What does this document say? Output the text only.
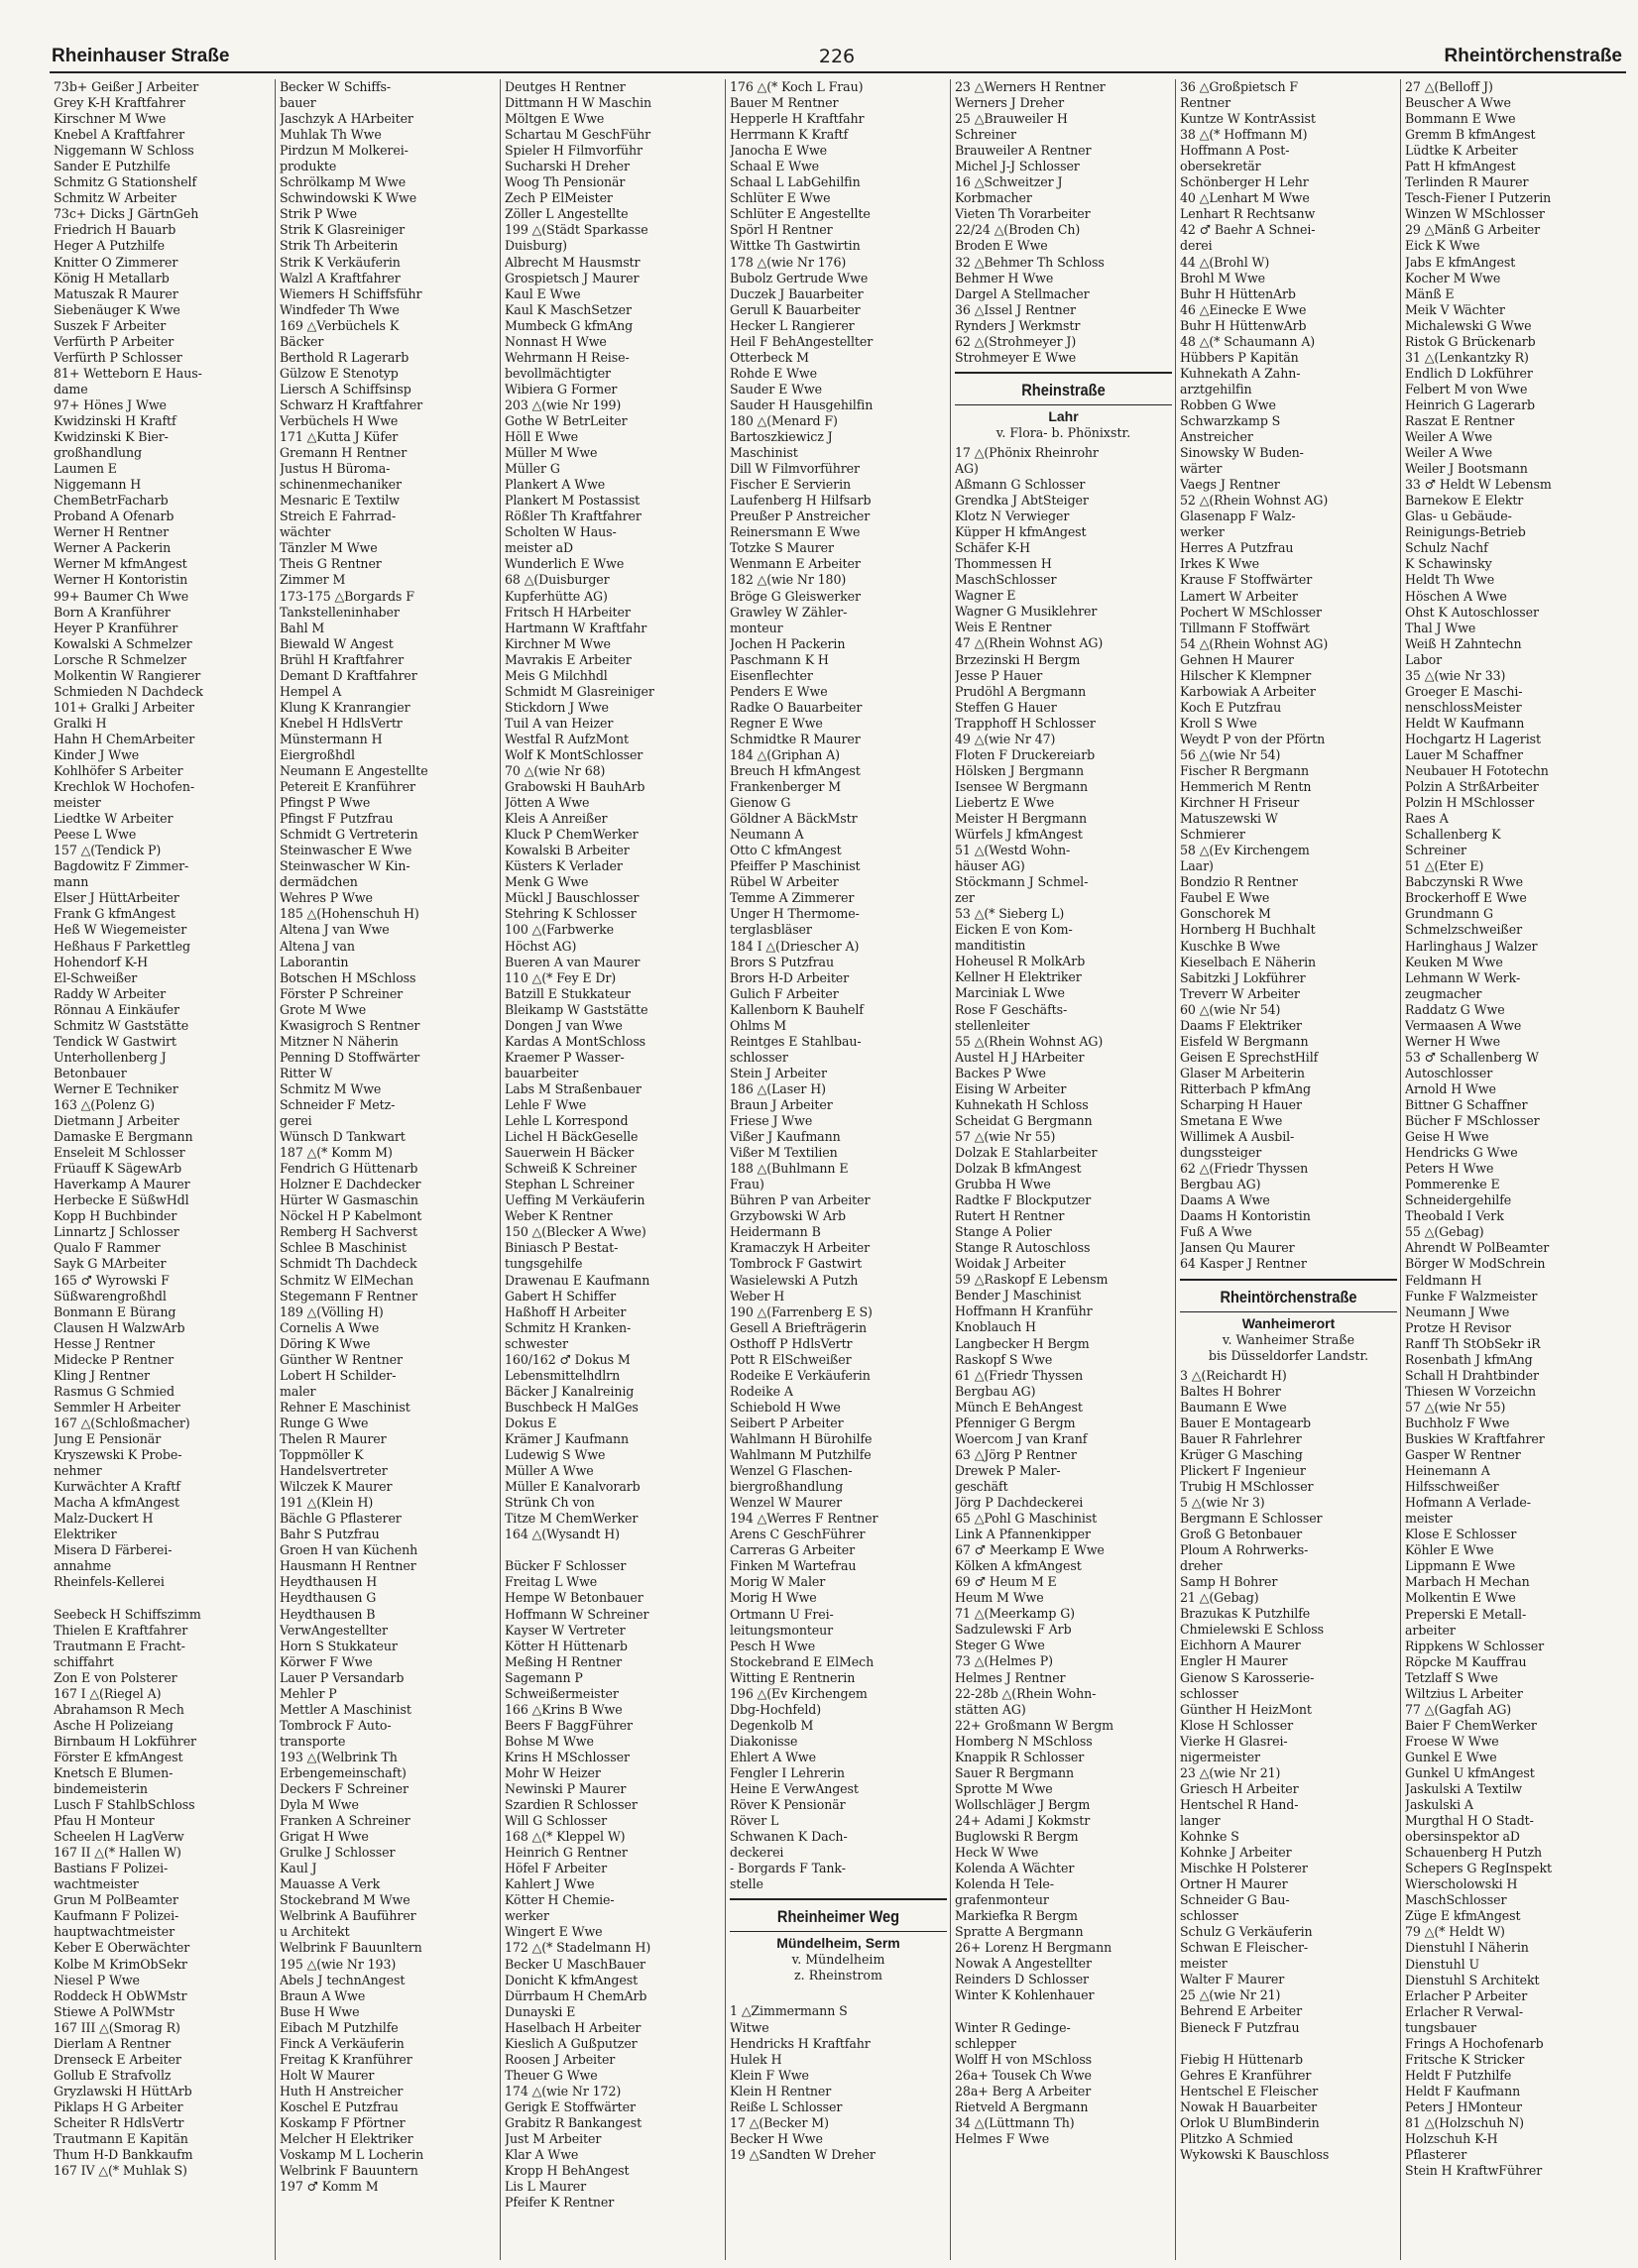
Rheinhauser Straße	226	Rheintörchenstraße
73b+ Geißer J Arbeiter
Grey K-H Kraftfahrer
Kirschner M Wwe
Knebel A Kraftfahrer
Niggemann W Schloss
Sander E Putzhilfe
Schmitz G Stationshelf
Schmitz W Arbeiter
73c+ Dicks J GärtnGeh
Friedrich H Bauarb
Heger A Putzhilfe
Knitter O Zimmerer
König H Metallarb
Matuszak R Maurer
Siebenäuger K Wwe
Suszek F Arbeiter
Verfürth P Arbeiter
Verfürth P Schlosser
81+ Wetteborn E Haus-
dame
97+ Hönes J Wwe
Kwidzinski H Kraftf
Kwidzinski K Bier-
großhandlung
Laumen E
Niggemann H
ChemBetrFacharb
Proband A Ofenarb
Werner H Rentner
Werner A Packerin
Werner M kfmAngest
Werner H Kontoristin
99+ Baumer Ch Wwe
Born A Kranführer
Heyer P Kranführer
Kowalski A Schmelzer
Lorsche R Schmelzer
Molkentin W Rangierer
Schmieden N Dachdeck
101+ Gralki J Arbeiter
Gralki H
Hahn H ChemArbeiter
Kinder J Wwe
Kohlhöfer S Arbeiter
Krechlok W Hochofen-
meister
Liedtke W Arbeiter
Peese L Wwe
157 △(Tendick P)
Bagdowitz F Zimmer-
mann
Elser J HüttArbeiter
Frank G kfmAngest
Heß W Wiegemeister
Heßhaus F Parkettleg
Hohendorf K-H
El-Schweißer
Raddy W Arbeiter
Rönnau A Einkäufer
Schmitz W Gaststätte
Tendick W Gastwirt
Unterhollenberg J
Betonbauer
Werner E Techniker
163 △(Polenz G)
Dietmann J Arbeiter
Damaske E Bergmann
Enseleit M Schlosser
Früauff K SägewArb
Haverkamp A Maurer
Herbecke E SüßwHdl
Kopp H Buchbinder
Linnartz J Schlosser
Qualo F Rammer
Sayk G MArbeiter
165 ♂ Wyrowski F
Süßwarengroßhdl
Bonmann E Bürang
Clausen H WalzwArb
Hesse J Rentner
Midecke P Rentner
Kling J Rentner
Rasmus G Schmied
Semmler H Arbeiter
167 △(Schloßmacher)
Jung E Pensionär
Kryszewski K Probe-
nehmer
Kurwächter A Kraftf
Macha A kfmAngest
Malz-Duckert H
Elektriker
Misera D Färberei-
annahme
Rheinfels-Kellerei

Seebeck H Schiffszimm
Thielen E Kraftfahrer
Trautmann E Fracht-
schiffahrt
Zon E von Polsterer
167 I △(Riegel A)
Abrahamson R Mech
Asche H Polizeiang
Birnbaum H Lokführer
Förster E kfmAngest
Knetsch E Blumen-
bindemeisterin
Lusch F StahlbSchloss
Pfau H Monteur
Scheelen H LagVerw
167 II △(* Hallen W)
Bastians F Polizei-
wachtmeister
Grun M PolBeamter
Kaufmann F Polizei-
hauptwachtmeister
Keber E Oberwächter
Kolbe M KrimObSekr
Niesel P Wwe
Roddeck H ObWMstr
Stiewe A PolWMstr
167 III △(Smorag R)
Dierlam A Rentner
Drenseck E Arbeiter
Gollub E Strafvollz
Gryzlawski H HüttArb
Piklaps H G Arbeiter
Scheiter R HdlsVertr
Trautmann E Kapitän
Thum H-D Bankkaufm
167 IV △(* Muhlak S)
Becker W Schiffs-
bauer
Jaschzyk A HArbeiter
Muhlak Th Wwe
Pirdzun M Molkerei-
produkte
Schrölkamp M Wwe
Schwindowski K Wwe
Strik P Wwe
Strik K Glasreiniger
Strik Th Arbeiterin
Strik K Verkäuferin
Walzl A Kraftfahrer
Wiemers H Schiffsführ
Windfeder Th Wwe
169 △Verbüchels K
Bäcker
Berthold R Lagerarb
Gülzow E Stenotyp
Liersch A Schiffsinsp
Schwarz H Kraftfahrer
Verbüchels H Wwe
171 △Kutta J Küfer
Gremann H Rentner
Justus H Büroma-
schinenmechaniker
Mesnaric E Textilw
Streich E Fahrrad-
wächter
Tänzler M Wwe
Theis G Rentner
Zimmer M
173-175 △Borgards F
Tankstelleninhaber
Bahl M
Biewald W Angest
Brühl H Kraftfahrer
Demant D Kraftfahrer
Hempel A
Klung K Kranrangier
Knebel H HdlsVertr
Münstermann H
Eiergroßhdl
Neumann E Angestellte
Petereit E Kranführer
Pfingst P Wwe
Pfingst F Putzfrau
Schmidt G Vertreterin
Steinwascher E Wwe
Steinwascher W Kin-
dermädchen
Wehres P Wwe
185 △(Hohenschuh H)
Altena J van Wwe
Altena J van
Laborantin
Botschen H MSchloss
Förster P Schreiner
Grote M Wwe
Kwasigroch S Rentner
Mitzner N Näherin
Penning D Stoffwärter
Ritter W
Schmitz M Wwe
Schneider F Metz-
gerei
Wünsch D Tankwart
187 △(* Komm M)
Fendrich G Hüttenarb
Holzner E Dachdecker
Hürter W Gasmaschin
Nöckel H P Kabelmont
Remberg H Sachverst
Schlee B Maschinist
Schmidt Th Dachdeck
Schmitz W ElMechan
Stegemann F Rentner
189 △(Völling H)
Cornelis A Wwe
Döring K Wwe
Günther W Rentner
Lobert H Schilder-
maler
Rehner E Maschinist
Runge G Wwe
Thelen R Maurer
Toppmöller K
Handelsvertreter
Wilczek K Maurer
191 △(Klein H)
Bächle G Pflasterer
Bahr S Putzfrau
Groen H van Küchenh
Hausmann H Rentner
Heydthausen H
Heydthausen G
Heydthausen B
VerwAngestellter
Horn S Stukkateur
Körwer F Wwe
Lauer P Versandarb
Mehler P
Mettler A Maschinist
Tombrock F Auto-
transporte
193 △(Welbrink Th
Erbengemeinschaft)
Deckers F Schreiner
Dyla M Wwe
Franken A Schreiner
Grigat H Wwe
Grulke J Schlosser
Kaul J
Mauasse A Verk
Stockebrand M Wwe
Welbrink A Bauführer
u Architekt
Welbrink F Bauunltern
195 △(wie Nr 193)
Abels J technAngest
Braun A Wwe
Buse H Wwe
Eibach M Putzhilfe
Finck A Verkäuferin
Freitag K Kranführer
Holt W Maurer
Huth H Anstreicher
Koschel E Putzfrau
Koskamp F Pförtner
Melcher H Elektriker
Voskamp M L Locherin
Welbrink F Bauuntern
197 ♂ Komm M
Deutges H Rentner
Dittmann H W Maschin
Möltgen E Wwe
Schartau M GeschFühr
Spieler H Filmvorführ
Sucharski H Dreher
Woog Th Pensionär
Zech P ElMeister
Zöller L Angestellte
199 △(Städt Sparkasse
Duisburg)
Albrecht M Hausmstr
Grospietsch J Maurer
Kaul E Wwe
Kaul K MaschSetzer
Mumbeck G kfmAng
Nonnast H Wwe
Wehrmann H Reise-
bevollmächtigter
Wibiera G Former
203 △(wie Nr 199)
Gothe W BetrLeiter
Höll E Wwe
Müller M Wwe
Müller G
Plankert A Wwe
Plankert M Postassist
Rößler Th Kraftfahrer
Scholten W Haus-
meister aD
Wunderlich E Wwe
68 △(Duisburger
Kupferhütte AG)
Fritsch H HArbeiter
Hartmann W Kraftfahr
Kirchner M Wwe
Mavrakis E Arbeiter
Meis G Milchhdl
Schmidt M Glasreiniger
Stickdorn J Wwe
Tuil A van Heizer
Westfal R AufzMont
Wolf K MontSchlosser
70 △(wie Nr 68)
Grabowski H BauhArb
Jötten A Wwe
Kleis A Anreißer
Kluck P ChemWerker
Kowalski B Arbeiter
Küsters K Verlader
Menk G Wwe
Mückl J Bauschlosser
Stehring K Schlosser
100 △(Farbwerke
Höchst AG)
Bueren A van Maurer
110 △(* Fey E Dr)
Batzill E Stukkateur
Bleikamp W Gaststätte
Dongen J van Wwe
Kardas A MontSchloss
Kraemer P Wasser-
bauarbeiter
Labs M Straßenbauer
Lehle F Wwe
Lehle L Korrespond
Lichel H BäckGeselle
Sauerwein H Bäcker
Schweiß K Schreiner
Stephan L Schreiner
Ueffing M Verkäuferin
Weber K Rentner
150 △(Blecker A Wwe)
Biniasch P Bestat-
tungsgehilfe
Drawenau E Kaufmann
Gabert H Schiffer
Haßhoff H Arbeiter
Schmitz H Kranken-
schwester
160/162 ♂ Dokus M
Lebensmittelhdlrn
Bäcker J Kanalreinig
Buschbeck H MalGes
Dokus E
Krämer J Kaufmann
Ludewig S Wwe
Müller A Wwe
Müller E Kanalvorarb
Strünk Ch von
Titze M ChemWerker
164 △(Wysandt H)

Bücker F Schlosser
Freitag L Wwe
Hempe W Betonbauer
Hoffmann W Schreiner
Kayser W Vertreter
Kötter H Hüttenarb
Meßing H Rentner
Sagemann P
Schweißermeister
166 △Krins B Wwe
Beers F BaggFührer
Bohse M Wwe
Krins H MSchlosser
Mohr W Heizer
Newinski P Maurer
Szardien R Schlosser
Will G Schlosser
168 △(* Kleppel W)
Heinrich G Rentner
Höfel F Arbeiter
Kahlert J Wwe
Kötter H Chemie-
werker
Wingert E Wwe
172 △(* Stadelmann H)
Becker U MaschBauer
Donicht K kfmAngest
Dürrbaum H ChemArb
Dunayski E
Haselbach H Arbeiter
Kieslich A Gußputzer
Roosen J Arbeiter
Theuer G Wwe
174 △(wie Nr 172)
Gerigk E Stoffwärter
Grabitz R Bankangest
Just M Arbeiter
Klar A Wwe
Kropp H BehAngest
Lis L Maurer
Pfeifer K Rentner
176 △(* Koch L Frau)
Bauer M Rentner
Hepperle H Kraftfahr
Herrmann K Kraftf
Janocha E Wwe
Schaal E Wwe
Schaal L LabGehilfin
Schlüter E Wwe
Schlüter E Angestellte
Spörl H Rentner
Wittke Th Gastwirtin
178 △(wie Nr 176)
Bubolz Gertrude Wwe
Duczek J Bauarbeiter
Gerull K Bauarbeiter
Hecker L Rangierer
Heil F BehAngestellter
Otterbeck M
Rohde E Wwe
Sauder E Wwe
Sauder H Hausgehilfin
180 △(Menard F)
Bartoszkiewicz J
Maschinist
Dill W Filmvorführer
Fischer E Servierin
Laufenberg H Hilfsarb
Preußer P Anstreicher
Reinersmann E Wwe
Totzke S Maurer
Wenmann E Arbeiter
182 △(wie Nr 180)
Bröge G Gleiswerker
Grawley W Zähler-
monteur
Jochen H Packerin
Paschmann K H
Eisenflechter
Penders E Wwe
Radke O Bauarbeiter
Regner E Wwe
Schmidtke R Maurer
184 △(Griphan A)
Breuch H kfmAngest
Frankenberger M
Gienow G
Göldner A BäckMstr
Neumann A
Otto C kfmAngest
Pfeiffer P Maschinist
Rübel W Arbeiter
Temme A Zimmerer
Unger H Thermome-
terglasbläser
184 I △(Driescher A)
Brors S Putzfrau
Brors H-D Arbeiter
Gulich F Arbeiter
Kallenborn K Bauhelf
Ohlms M
Reintges E Stahlbau-
schlosser
Stein J Arbeiter
186 △(Laser H)
Braun J Arbeiter
Friese J Wwe
Vißer J Kaufmann
Vißer M Textilien
188 △(Buhlmann E
Frau)
Bühren P van Arbeiter
Grzybowski W Arb
Heidermann B
Kramaczyk H Arbeiter
Tombrock F Gastwirt
Wasielewski A Putzh
Weber H
190 △(Farrenberg E S)
Gesell A Briefträgerin
Osthoff P HdlsVertr
Pott R ElSchweißer
Rodeike E Verkäuferin
Rodeike A
Schiebold H Wwe
Seibert P Arbeiter
Wahlmann H Bürohilfe
Wahlmann M Putzhilfe
Wenzel G Flaschen-
biergroßhandlung
Wenzel W Maurer
194 △Werres F Rentner
Arens C GeschFührer
Carreras G Arbeiter
Finken M Wartefrau
Morig W Maler
Morig H Wwe
Ortmann U Frei-
leitungsmonteur
Pesch H Wwe
Stockebrand E ElMech
Witting E Rentnerin
196 △(Ev Kirchengem
Dbg-Hochfeld)
Degenkolb M
Diakonisse
Ehlert A Wwe
Fengler I Lehrerin
Heine E VerwAngest
Röver K Pensionär
Röver L
Schwanen K Dach-
deckerei
- Borgards F Tank-
stelle
Rheinheimer Weg
Mündelheim, Serm
v. Mündelheim
z. Rheinstrom

1 △Zimmermann S
Witwe
Hendricks H Kraftfahr
Hulek H
Klein F Wwe
Klein H Rentner
Reiße L Schlosser
17 △(Becker M)
Becker H Wwe
19 △Sandten W Dreher
23 △Werners H Rentner
Werners J Dreher
25 △Brauweiler H
Schreiner
Brauweiler A Rentner
Michel J-J Schlosser
16 △Schweitzer J
Korbmacher
Vieten Th Vorarbeiter
22/24 △(Broden Ch)
Broden E Wwe
32 △Behmer Th Schloss
Behmer H Wwe
Dargel A Stellmacher
36 △Issel J Rentner
Rynders J Werkmstr
62 △(Strohmeyer J)
Strohmeyer E Wwe
Rheinstraße
Lahr
v. Flora- b. Phönixstr.
17 △(Phönix Rheinrohr
AG)
Aßmann G Schlosser
Grendka J AbtSteiger
Klotz N Verwieger
Küpper H kfmAngest
Schäfer K-H
Thommessen H
MaschSchlosser
Wagner E
Wagner G Musiklehrer
Weis E Rentner
47 △(Rhein Wohnst AG)
Brzezinski H Bergm
Jesse P Hauer
Prudöhl A Bergmann
Steffen G Hauer
Trapphoff H Schlosser
49 △(wie Nr 47)
Floten F Druckereiarb
Hölsken J Bergmann
Isensee W Bergmann
Liebertz E Wwe
Meister H Bergmann
Würfels J kfmAngest
51 △(Westd Wohn-
häuser AG)
Stöckmann J Schmel-
zer
53 △(* Sieberg L)
Eicken E von Kom-
manditistin
Hoheusel R MolkArb
Kellner H Elektriker
Marciniak L Wwe
Rose F Geschäfts-
stellenleiter
55 △(Rhein Wohnst AG)
Austel H J HArbeiter
Backes P Wwe
Eising W Arbeiter
Kuhnekath H Schloss
Scheidat G Bergmann
57 △(wie Nr 55)
Dolzak E Stahlarbeiter
Dolzak B kfmAngest
Grubba H Wwe
Radtke F Blockputzer
Rutert H Rentner
Stange A Polier
Stange R Autoschloss
Woidak J Arbeiter
59 △Raskopf E Lebensm
Bender J Maschinist
Hoffmann H Kranführ
Knoblauch H
Langbecker H Bergm
Raskopf S Wwe
61 △(Friedr Thyssen
Bergbau AG)
Münch E BehAngest
Pfenniger G Bergm
Woercom J van Kranf
63 △Jörg P Rentner
Drewek P Maler-
geschäft
Jörg P Dachdeckerei
65 △Pohl G Maschinist
Link A Pfannenkipper
67 ♂ Meerkamp E Wwe
Kölken A kfmAngest
69 ♂ Heum M E
Heum M Wwe
71 △(Meerkamp G)
Sadzulewski F Arb
Steger G Wwe
73 △(Helmes P)
Helmes J Rentner
22-28b △(Rhein Wohn-
stätten AG)
22+ Großmann W Bergm
Homberg N MSchloss
Knappik R Schlosser
Sauer R Bergmann
Sprotte M Wwe
Wollschläger J Bergm
24+ Adami J Kokmstr
Buglowski R Bergm
Heck W Wwe
Kolenda A Wächter
Kolenda H Tele-
grafenmonteur
Markiefka R Bergm
Spratte A Bergmann
26+ Lorenz H Bergmann
Nowak A Angestellter
Reinders D Schlosser
Winter K Kohlenhauer

Winter R Gedinge-
schlepper
Wolff H von MSchloss
26a+ Tousek Ch Wwe
28a+ Berg A Arbeiter
Rietveld A Bergmann
34 △(Lüttmann Th)
Helmes F Wwe
36 △Großpietsch F
Rentner
Kuntze W KontrAssist
38 △(* Hoffmann M)
Hoffmann A Post-
obersekretär
Schönberger H Lehr
40 △Lenhart M Wwe
Lenhart R Rechtsanw
42 ♂ Baehr A Schnei-
derei
44 △(Brohl W)
Brohl M Wwe
Buhr H HüttenArb
46 △Einecke E Wwe
Buhr H HüttenwArb
48 △(* Schaumann A)
Hübbers P Kapitän
Kuhnekath A Zahn-
arztgehilfin
Robben G Wwe
Schwarzkamp S
Anstreicher
Sinowsky W Buden-
wärter
Vaegs J Rentner
52 △(Rhein Wohnst AG)
Glasenapp F Walz-
werker
Herres A Putzfrau
Irkes K Wwe
Krause F Stoffwärter
Lamert W Arbeiter
Pochert W MSchlosser
Tillmann F Stoffwärt
54 △(Rhein Wohnst AG)
Gehnen H Maurer
Hilscher K Klempner
Karbowiak A Arbeiter
Koch E Putzfrau
Kroll S Wwe
Weydt P von der Pförtn
56 △(wie Nr 54)
Fischer R Bergmann
Hemmerich M Rentn
Kirchner H Friseur
Matuszewski W
Schmierer
58 △(Ev Kirchengem
Laar)
Bondzio R Rentner
Faubel E Wwe
Gonschorek M
Hornberg H Buchhalt
Kuschke B Wwe
Kieselbach E Näherin
Sabitzki J Lokführer
Treverr W Arbeiter
60 △(wie Nr 54)
Daams F Elektriker
Eisfeld W Bergmann
Geisen E SprechstHilf
Glaser M Arbeiterin
Ritterbach P kfmAng
Scharping H Hauer
Smetana E Wwe
Willimek A Ausbil-
dungssteiger
62 △(Friedr Thyssen
Bergbau AG)
Daams A Wwe
Daams H Kontoristin
Fuß A Wwe
Jansen Qu Maurer
64 Kasper J Rentner
Rheintörchenstraße
Wanheimerort
v. Wanheimer Straße
bis Düsseldorfer Landstr.
3 △(Reichardt H)
Baltes H Bohrer
Baumann E Wwe
Bauer E Montagearb
Bauer R Fahrlehrer
Krüger G Masching
Plickert F Ingenieur
Trubig H MSchlosser
5 △(wie Nr 3)
Bergmann E Schlosser
Groß G Betonbauer
Ploum A Rohrwerks-
dreher
Samp H Bohrer
21 △(Gebag)
Brazukas K Putzhilfe
Chmielewski E Schloss
Eichhorn A Maurer
Engler H Maurer
Gienow S Karosserie-
schlosser
Günther H HeizMont
Klose H Schlosser
Vierke H Glasrei-
nigermeister
23 △(wie Nr 21)
Griesch H Arbeiter
Hentschel R Hand-
langer
Kohnke S
Kohnke J Arbeiter
Mischke H Polsterer
Ortner H Maurer
Schneider G Bau-
schlosser
Schulz G Verkäuferin
Schwan E Fleischer-
meister
Walter F Maurer
25 △(wie Nr 21)
Behrend E Arbeiter
Bieneck F Putzfrau

Fiebig H Hüttenarb
Gehres E Kranführer
Hentschel E Fleischer
Nowak H Bauarbeiter
Orlok U BlumBinderin
Plitzko A Schmied
Wykowski K Bauschloss
27 △(Belloff J)
Beuscher A Wwe
Bommann E Wwe
Gremm B kfmAngest
Lüdtke K Arbeiter
Patt H kfmAngest
Terlinden R Maurer
Tesch-Fiener I Putzerin
Winzen W MSchlosser
29 △Mänß G Arbeiter
Eick K Wwe
Jabs E kfmAngest
Kocher M Wwe
Mänß E
Meik V Wächter
Michalewski G Wwe
Ristok G Brückenarb
31 △(Lenkantzky R)
Endlich D Lokführer
Felbert M von Wwe
Heinrich G Lagerarb
Raszat E Rentner
Weiler A Wwe
Weiler A Wwe
Weiler J Bootsmann
33 ♂ Heldt W Lebensm
Barnekow E Elektr
Glas- u Gebäude-
Reinigungs-Betrieb
Schulz Nachf
K Schawinsky
Heldt Th Wwe
Höschen A Wwe
Ohst K Autoschlosser
Thal J Wwe
Weiß H Zahntechn
Labor
35 △(wie Nr 33)
Groeger E Maschi-
nenschlossMeister
Heldt W Kaufmann
Hochgartz H Lagerist
Lauer M Schaffner
Neubauer H Fototechn
Polzin A StrßArbeiter
Polzin H MSchlosser
Raes A
Schallenberg K
Schreiner
51 △(Eter E)
Babczynski R Wwe
Brockerhoff E Wwe
Grundmann G
Schmelzschweißer
Harlinghaus J Walzer
Keuken M Wwe
Lehmann W Werk-
zeugmacher
Raddatz G Wwe
Vermaasen A Wwe
Werner H Wwe
53 ♂ Schallenberg W
Autoschlosser
Arnold H Wwe
Bittner G Schaffner
Bücher F MSchlosser
Geise H Wwe
Hendricks G Wwe
Peters H Wwe
Pommerenke E
Schneidergehilfe
Theobald I Verk
55 △(Gebag)
Ahrendt W PolBeamter
Börger W ModSchrein
Feldmann H
Funke F Walzmeister
Neumann J Wwe
Protze H Revisor
Ranff Th StObSekr iR
Rosenbath J kfmAng
Schall H Drahtbinder
Thiesen W Vorzeichn
57 △(wie Nr 55)
Buchholz F Wwe
Buskies W Kraftfahrer
Gasper W Rentner
Heinemann A
Hilfsschweißer
Hofmann A Verlade-
meister
Klose E Schlosser
Köhler E Wwe
Lippmann E Wwe
Marbach H Mechan
Molkentin E Wwe
Preperski E Metall-
arbeiter
Rippkens W Schlosser
Röpcke M Kauffrau
Tetzlaff S Wwe
Wiltzius L Arbeiter
77 △(Gagfah AG)
Baier F ChemWerker
Froese W Wwe
Gunkel E Wwe
Gunkel U kfmAngest
Jaskulski A Textilw
Jaskulski A
Murgthal H O Stadt-
obersinspektor aD
Schauenberg H Putzh
Schepers G RegInspekt
Wierscholowski H
MaschSchlosser
Züge E kfmAngest
79 △(* Heldt W)
Dienstuhl I Näherin
Dienstuhl U
Dienstuhl S Architekt
Erlacher P Arbeiter
Erlacher R Verwal-
tungsbauer
Frings A Hochofenarb
Fritsche K Stricker
Heldt F Putzhilfe
Heldt F Kaufmann
Peters J HMonteur
81 △(Holzschuh N)
Holzschuh K-H
Pflasterer
Stein H KraftwFührer
